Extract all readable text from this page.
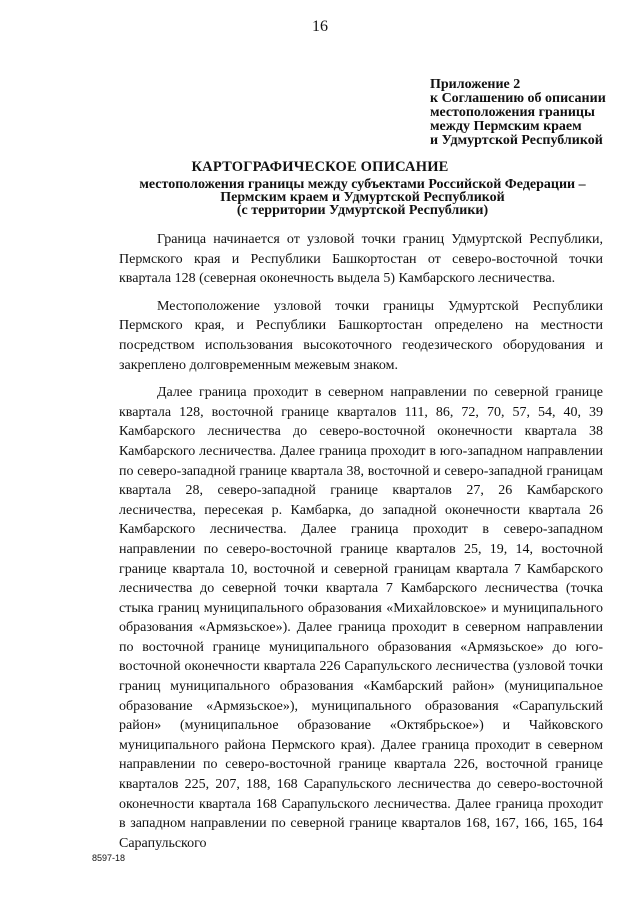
16
Приложение 2
к Соглашению об описании
местоположения границы
между Пермским краем
и Удмуртской Республикой
КАРТОГРАФИЧЕСКОЕ ОПИСАНИЕ
местоположения границы между субъектами Российской Федерации –
Пермским краем и Удмуртской Республикой
(с территории Удмуртской Республики)

Граница начинается от узловой точки границ Удмуртской Республики, Пермского края и Республики Башкортостан от северо-восточной точки квартала 128 (северная оконечность выдела 5) Камбарского лесничества.

Местоположение узловой точки границы Удмуртской Республики Пермского края, и Республики Башкортостан определено на местности посредством использования высокоточного геодезического оборудования и закреплено долговременным межевым знаком.

Далее граница проходит в северном направлении по северной границе квартала 128, восточной границе кварталов 111, 86, 72, 70, 57, 54, 40, 39 Камбарского лесничества до северо-восточной оконечности квартала 38 Камбарского лесничества. Далее граница проходит в юго-западном направлении по северо-западной границе квартала 38, восточной и северо-западной границам квартала 28, северо-западной границе кварталов 27, 26 Камбарского лесничества, пересекая р. Камбарка, до западной оконечности квартала 26 Камбарского лесничества. Далее граница проходит в северо-западном направлении по северо-восточной границе кварталов 25, 19, 14, восточной границе квартала 10, восточной и северной границам квартала 7 Камбарского лесничества до северной точки квартала 7 Камбарского лесничества (точка стыка границ муниципального образования «Михайловское» и муниципального образования «Армязьское»). Далее граница проходит в северном направлении по восточной границе муниципального образования «Армязьское» до юго-восточной оконечности квартала 226 Сарапульского лесничества (узловой точки границ муниципального образования «Камбарский район» (муниципальное образование «Армязьское»), муниципального образования «Сарапульский район» (муниципальное образование «Октябрьское») и Чайковского муниципального района Пермского края). Далее граница проходит в северном направлении по северо-восточной границе квартала 226, восточной границе кварталов 225, 207, 188, 168 Сарапульского лесничества до северо-восточной оконечности квартала 168 Сарапульского лесничества. Далее граница проходит в западном направлении по северной границе кварталов 168, 167, 166, 165, 164 Сарапульского

8597-18
